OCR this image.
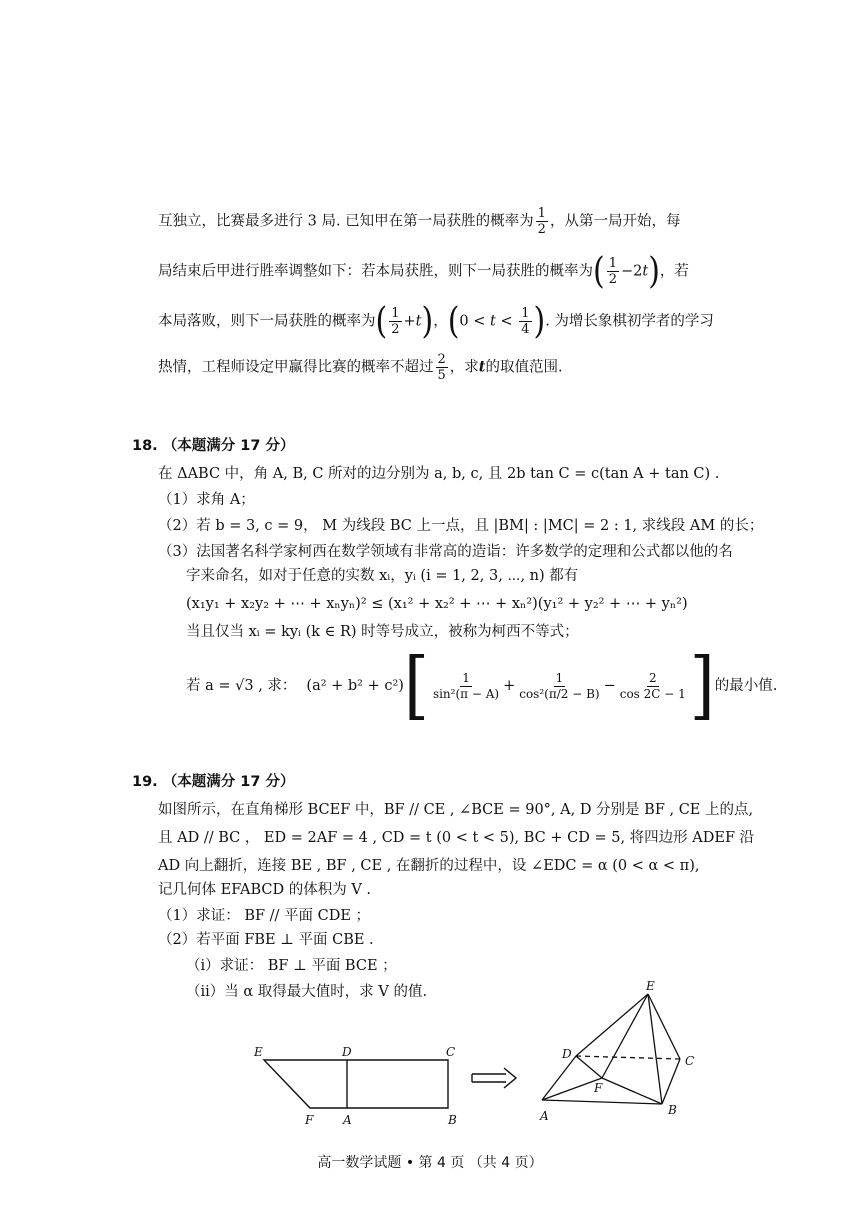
互独立，比赛最多进行 3 局. 已知甲在第一局获胜的概率为 $\frac{1}{2}$ ，从第一局开始，每
局结束后甲进行胜率调整如下：若本局获胜，则下一局获胜的概率为( $\frac{1}{2} -2t$)，若
本局落败，则下一局获胜的概率为( $\frac{1}{2} +t$)，($0 < t < \frac{1}{4}$ ). 为增长象棋初学者的学习
热情，工程师设定甲赢得比赛的概率不超过 $\frac{2}{5}$ ，求t的取值范围.
18. （本题满分 17 分）
在 ΔABC 中，角 A, B, C 所对的边分别为 a, b, c, 且 2b tan C = c(tan A + tan C) .
（1）求角 A；
（2）若 b = 3, c = 9， M 为线段 BC 上一点，且 |BM| : |MC| = 2 : 1, 求线段 AM 的长；
（3）法国著名科学家柯西在数学领域有非常高的造诣：许多数学的定理和公式都以他的名
字来命名，如对于任意的实数 xᵢ，yᵢ (i = 1, 2, 3, ⋯, n) 都有
(x₁y₁ + x₂y₂ + ⋯ + xₙyₙ)² ≤ (x₁² + x₂² + ⋯ + xₙ²)(y₁² + y₂² + ⋯ + yₙ²)
当且仅当 xᵢ = kyᵢ (k ∈ R) 时等号成立，被称为柯西不等式；
若 a = √3 , 求： (a² + b² + c²) [ $\frac{1}{\text{sin²(π − A)}} + \frac{1}{\text{cos²(π/2 − B)}} - \frac{2}{\cos 2C - 1}$ ] 的最小值.
19. （本题满分 17 分）
如图所示，在直角梯形 BCEF 中，BF // CE , ∠BCE = 90°, A, D 分别是 BF , CE 上的点,
且 AD // BC ， ED = 2AF = 4 , CD = t (0 < t < 5), BC + CD = 5, 将四边形 ADEF 沿
AD 向上翻折，连接 BE , BF , CE , 在翻折的过程中，设 ∠EDC = α (0 < α < π),
记几何体 EFABCD 的体积为 V .
（1）求证： BF // 平面 CDE ；
（2）若平面 FBE ⊥ 平面 CBE .
（i）求证： BF ⊥ 平面 BCE ；
（ii）当 α 取得最大值时，求 V 的值.
E	D	C
F A	B
E
D	C
F
A	B
高一数学试题 • 第 4 页 （共 4 页）
